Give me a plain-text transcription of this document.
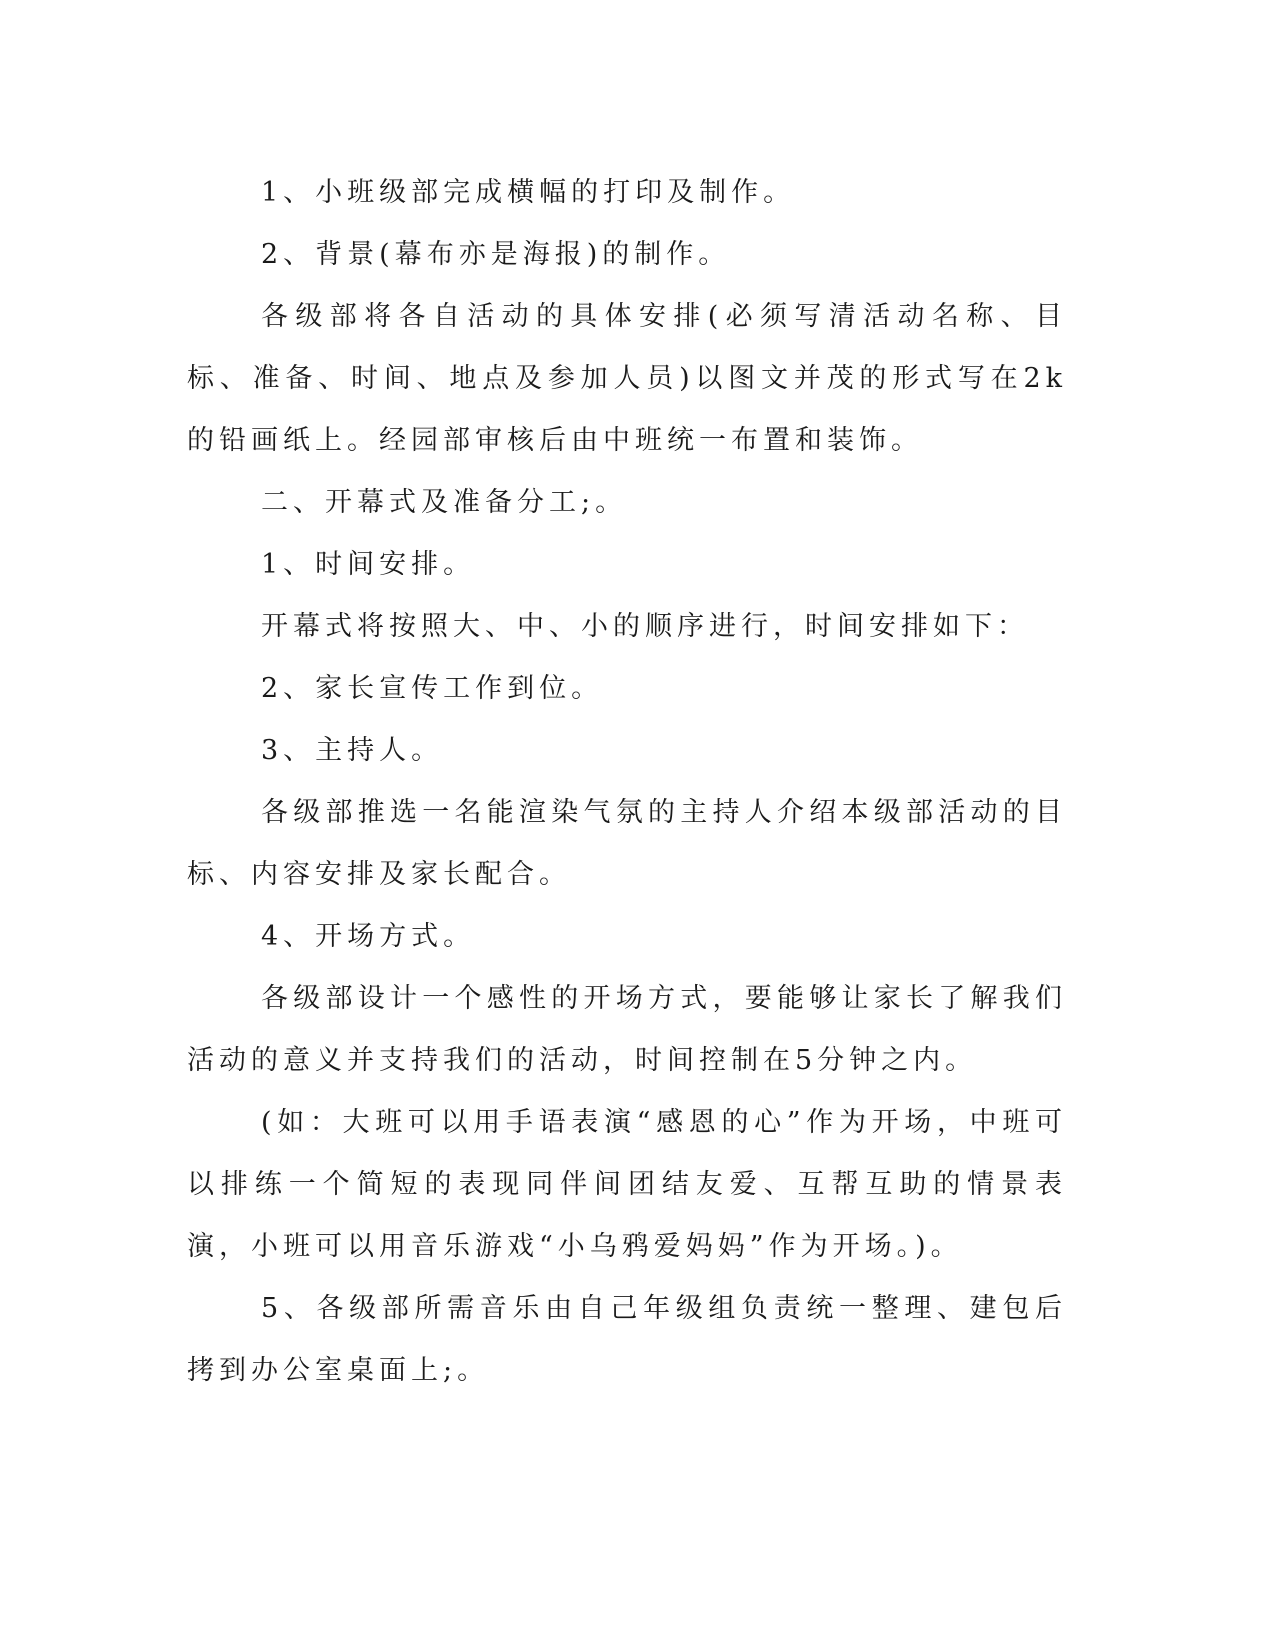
1、小班级部完成横幅的打印及制作。

2、背景(幕布亦是海报)的制作。

各级部将各自活动的具体安排(必须写清活动名称、目标、准备、时间、地点及参加人员)以图文并茂的形式写在2k的铅画纸上。经园部审核后由中班统一布置和装饰。

二、开幕式及准备分工;。

1、时间安排。

开幕式将按照大、中、小的顺序进行，时间安排如下：

2、家长宣传工作到位。

3、主持人。

各级部推选一名能渲染气氛的主持人介绍本级部活动的目标、内容安排及家长配合。

4、开场方式。

各级部设计一个感性的开场方式，要能够让家长了解我们活动的意义并支持我们的活动，时间控制在5分钟之内。

(如：大班可以用手语表演“感恩的心”作为开场，中班可以排练一个简短的表现同伴间团结友爱、互帮互助的情景表演，小班可以用音乐游戏“小乌鸦爱妈妈”作为开场。)。

5、各级部所需音乐由自己年级组负责统一整理、建包后拷到办公室桌面上;。
